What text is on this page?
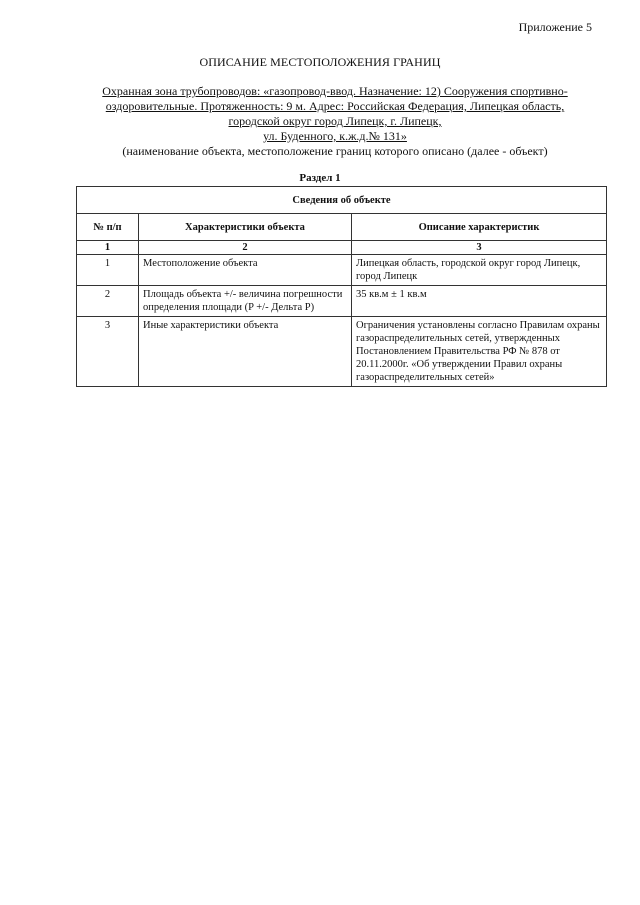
Приложение 5
ОПИСАНИЕ МЕСТОПОЛОЖЕНИЯ ГРАНИЦ
Охранная зона трубопроводов: «газопровод-ввод. Назначение: 12) Сооружения спортивно-
оздоровительные. Протяженность: 9 м. Адрес: Российская Федерация, Липецкая область,
городской округ город Липецк, г. Липецк,
ул. Буденного, к.ж.д.№ 131»
(наименование объекта, местоположение границ которого описано (далее - объект)
Раздел 1
Сведения об объекте		
№ п/п	Характеристики объекта	Описание характеристик
1	2	3
1	Местоположение объекта	Липецкая область, городской округ город Липецк, город Липецк
2	Площадь объекта +/- величина погрешности определения площади (P +/- Дельта P)	35 кв.м ± 1 кв.м
3	Иные характеристики объекта	Ограничения установлены согласно Правилам охраны газораспределительных сетей, утвержденных Постановлением Правительства РФ № 878 от 20.11.2000г. «Об утверждении Правил охраны газораспределительных сетей»
